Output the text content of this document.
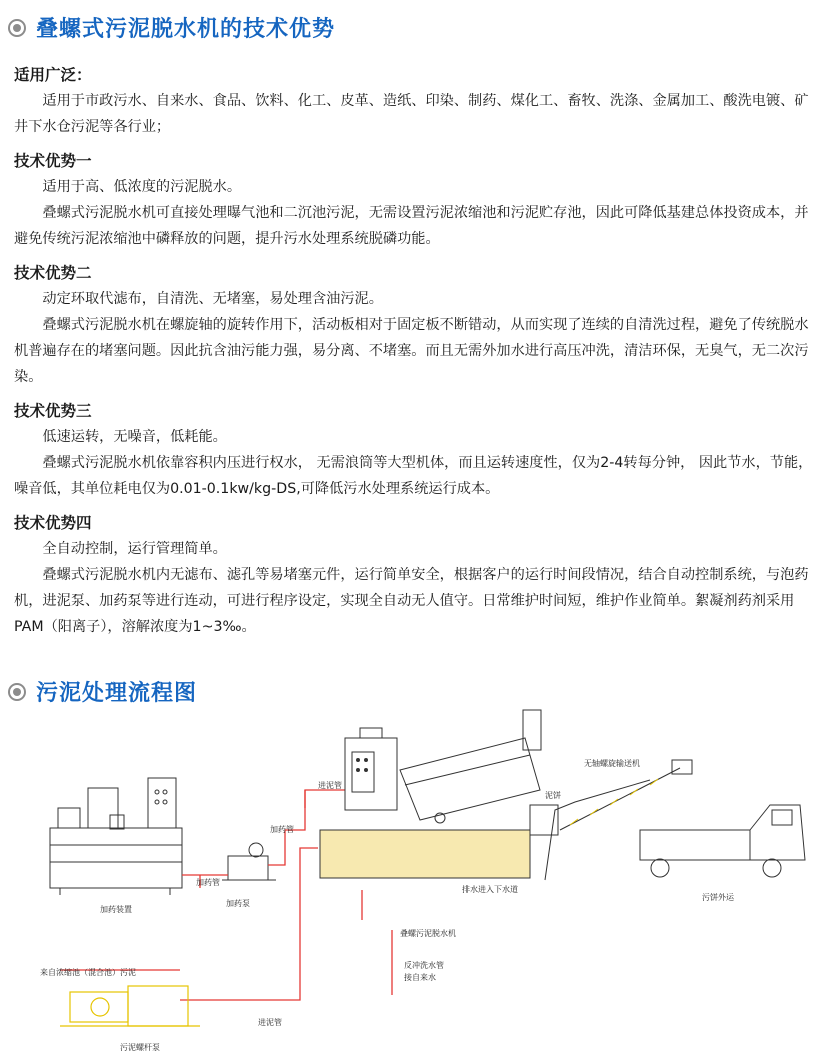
叠螺式污泥脱水机的技术优势

适用广泛：

适用于市政污水、自来水、食品、饮料、化工、皮革、造纸、印染、制药、煤化工、畜牧、洗涤、金属加工、酸洗电镀、矿井下水仓污泥等各行业；

技术优势一

适用于高、低浓度的污泥脱水。

叠螺式污泥脱水机可直接处理曝气池和二沉池污泥，无需设置污泥浓缩池和污泥贮存池，因此可降低基建总体投资成本，并避免传统污泥浓缩池中磷释放的问题，提升污水处理系统脱磷功能。

技术优势二

动定环取代滤布，自清洗、无堵塞，易处理含油污泥。

叠螺式污泥脱水机在螺旋轴的旋转作用下，活动板相对于固定板不断错动，从而实现了连续的自清洗过程，避免了传统脱水机普遍存在的堵塞问题。因此抗含油污能力强，易分离、不堵塞。而且无需外加水进行高压冲洗，清洁环保，无臭气，无二次污染。

技术优势三

低速运转，无噪音，低耗能。

叠螺式污泥脱水机依靠容积内压进行权水， 无需浪筒等大型机体，而且运转速度性，仅为2-4转每分钟， 因此节水，节能，噪音低，其单位耗电仅为0.01-0.1kw/kg-DS,可降低污水处理系统运行成本。

技术优势四

全自动控制，运行管理简单。

叠螺式污泥脱水机内无滤布、滤孔等易堵塞元件，运行简单安全，根据客户的运行时间段情况，结合自动控制系统，与泡药机，进泥泵、加药泵等进行连动，可进行程序设定，实现全自动无人值守。日常维护时间短，维护作业简单。絮凝剂药剂采用PAM（阳离子），溶解浓度为1~3‰。

污泥处理流程图
加药装置
加药管
加药泵
加药管
进泥管
泥饼
无轴螺旋输送机
污饼外运
排水进入下水道
叠螺污泥脱水机
反冲洗水管
接自来水
来自浓缩池（混合池）污泥
进泥管
污泥螺杆泵
